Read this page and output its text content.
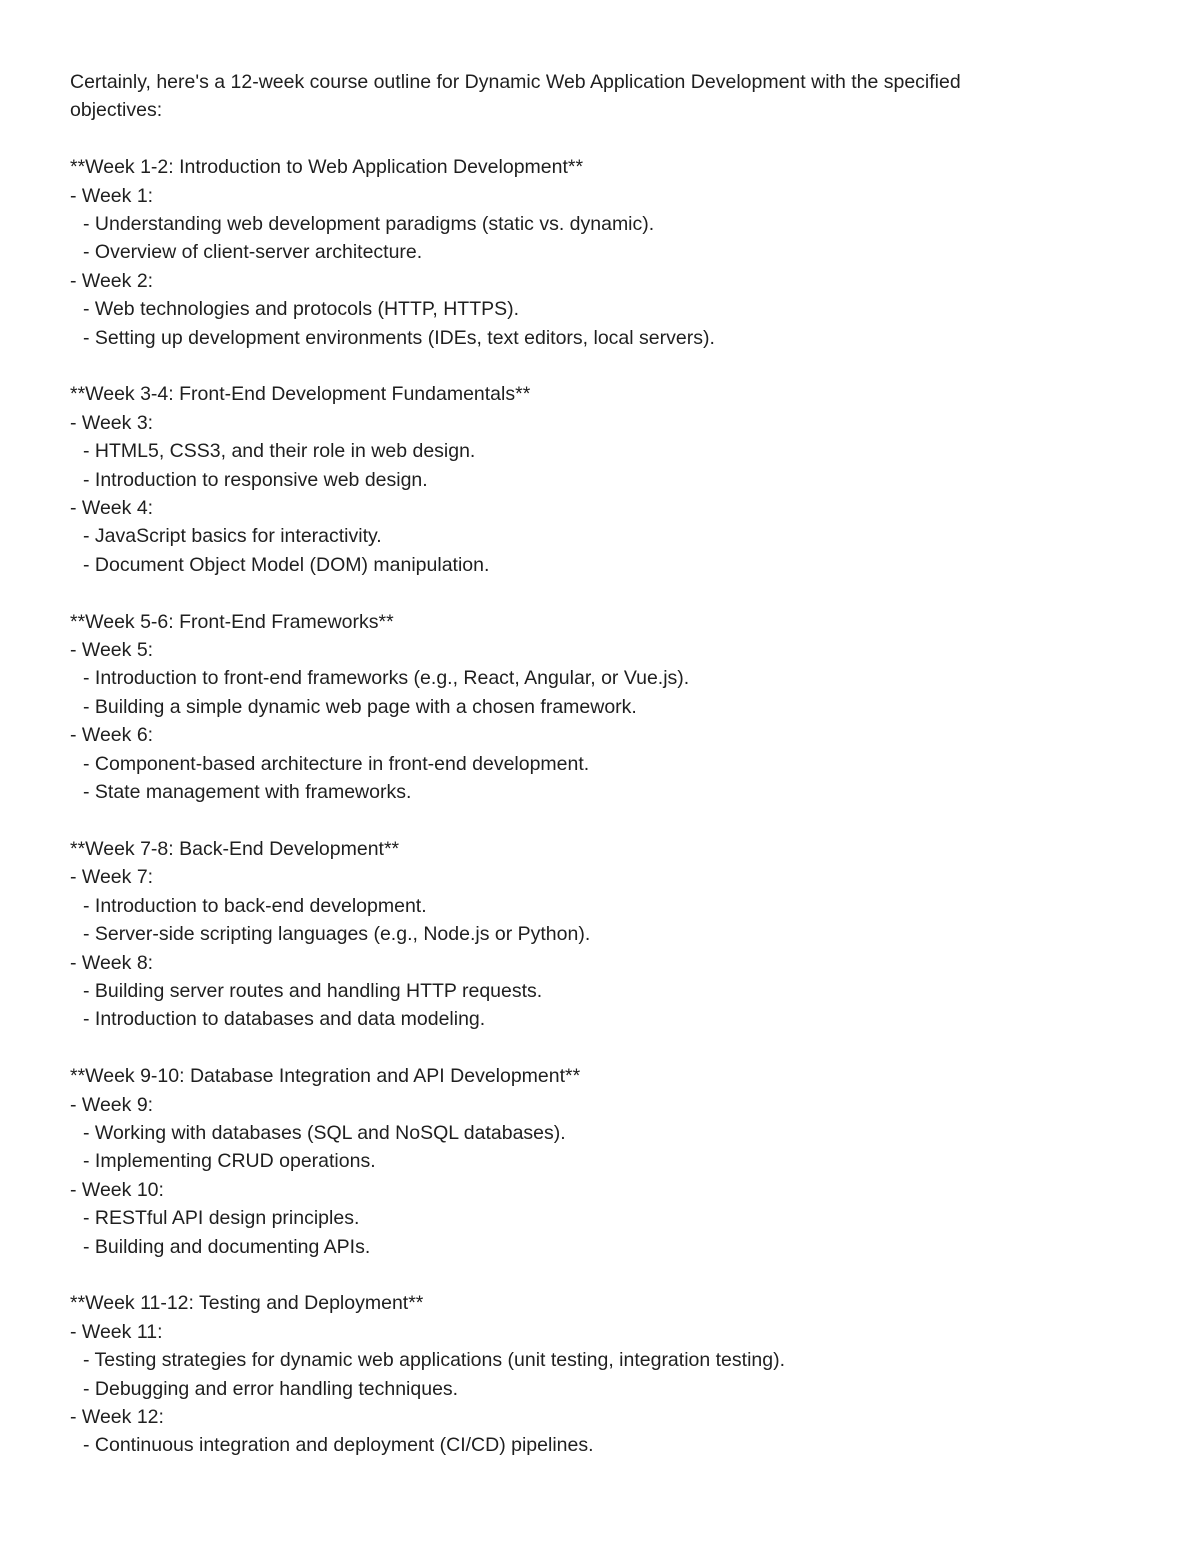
Certainly, here's a 12-week course outline for Dynamic Web Application Development with the specified
objectives:
**Week 1-2: Introduction to Web Application Development**
- Week 1:
- Understanding web development paradigms (static vs. dynamic).
- Overview of client-server architecture.
- Week 2:
- Web technologies and protocols (HTTP, HTTPS).
- Setting up development environments (IDEs, text editors, local servers).
**Week 3-4: Front-End Development Fundamentals**
- Week 3:
- HTML5, CSS3, and their role in web design.
- Introduction to responsive web design.
- Week 4:
- JavaScript basics for interactivity.
- Document Object Model (DOM) manipulation.
**Week 5-6: Front-End Frameworks**
- Week 5:
- Introduction to front-end frameworks (e.g., React, Angular, or Vue.js).
- Building a simple dynamic web page with a chosen framework.
- Week 6:
- Component-based architecture in front-end development.
- State management with frameworks.
**Week 7-8: Back-End Development**
- Week 7:
- Introduction to back-end development.
- Server-side scripting languages (e.g., Node.js or Python).
- Week 8:
- Building server routes and handling HTTP requests.
- Introduction to databases and data modeling.
**Week 9-10: Database Integration and API Development**
- Week 9:
- Working with databases (SQL and NoSQL databases).
- Implementing CRUD operations.
- Week 10:
- RESTful API design principles.
- Building and documenting APIs.
**Week 11-12: Testing and Deployment**
- Week 11:
- Testing strategies for dynamic web applications (unit testing, integration testing).
- Debugging and error handling techniques.
- Week 12:
- Continuous integration and deployment (CI/CD) pipelines.
